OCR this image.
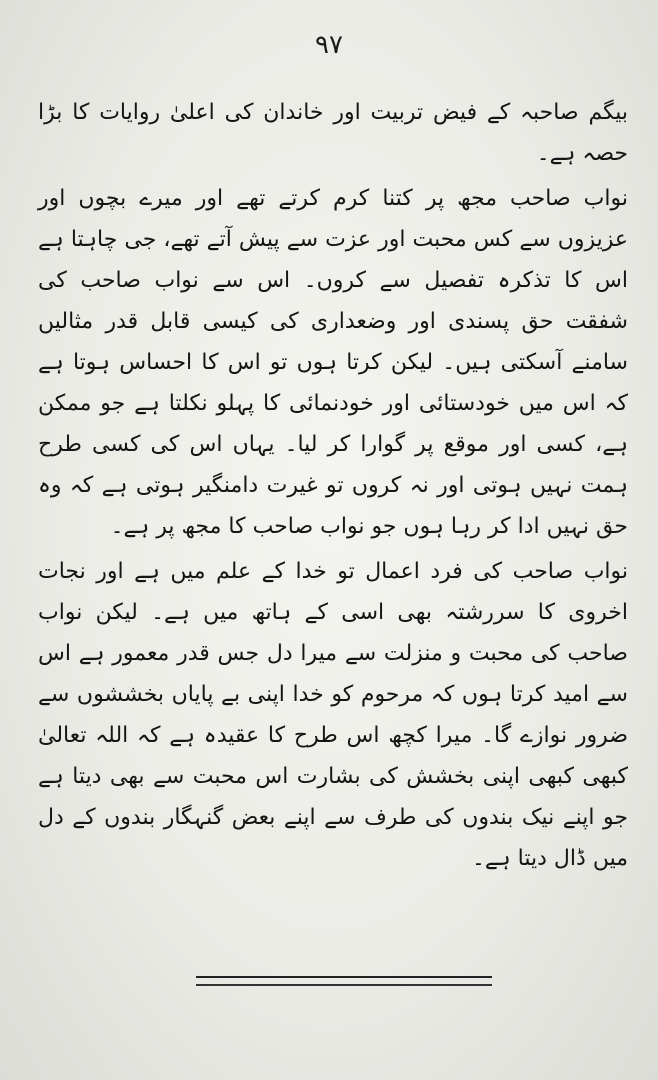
۹۷

بیگم صاحبہ کے فیض تربیت اور خاندان کی اعلیٰ روایات کا بڑا حصہ ہے۔

نواب صاحب مجھ پر کتنا کرم کرتے تھے اور میرے بچوں اور عزیزوں سے کس محبت اور عزت سے پیش آتے تھے، جی چاہتا ہے اس کا تذکرہ تفصیل سے کروں۔ اس سے نواب صاحب کی شفقت حق پسندی اور وضعداری کی کیسی قابل قدر مثالیں سامنے آسکتی ہیں۔ لیکن کرتا ہوں تو اس کا احساس ہوتا ہے کہ اس میں خودستائی اور خودنمائی کا پہلو نکلتا ہے جو ممکن ہے، کسی اور موقع پر گوارا کر لیا۔ یہاں اس کی کسی طرح ہمت نہیں ہوتی اور نہ کروں تو غیرت دامنگیر ہوتی ہے کہ وہ حق نہیں ادا کر رہا ہوں جو نواب صاحب کا مجھ پر ہے۔

نواب صاحب کی فرد اعمال تو خدا کے علم میں ہے اور نجات اخروی کا سررشتہ بھی اسی کے ہاتھ میں ہے۔ لیکن نواب صاحب کی محبت و منزلت سے میرا دل جس قدر معمور ہے اس سے امید کرتا ہوں کہ مرحوم کو خدا اپنی بے پایاں بخششوں سے ضرور نوازے گا۔ میرا کچھ اس طرح کا عقیدہ ہے کہ اللہ تعالیٰ کبھی کبھی اپنی بخشش کی بشارت اس محبت سے بھی دیتا ہے جو اپنے نیک بندوں کی طرف سے اپنے بعض گنہگار بندوں کے دل میں ڈال دیتا ہے۔
